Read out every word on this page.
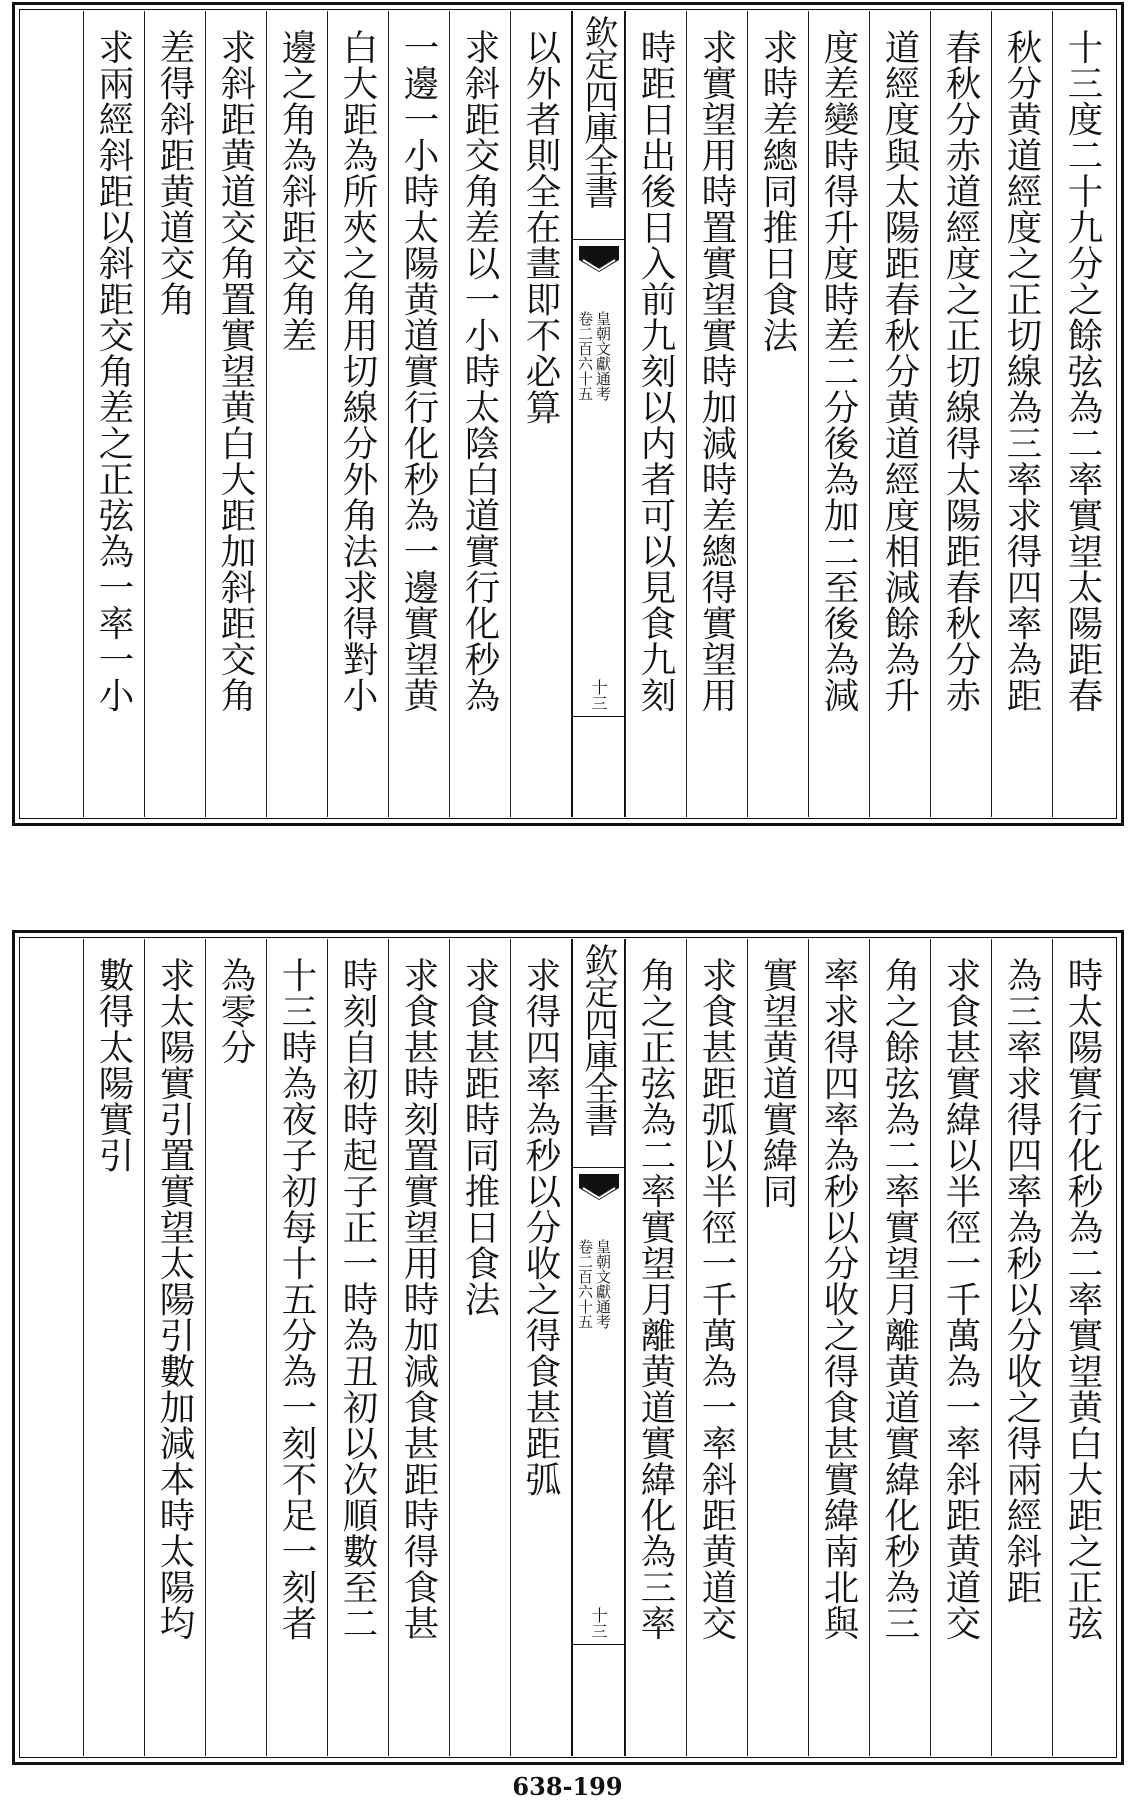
十三度二十九分之餘弦為二率實望太陽距春
秋分黄道經度之正切線為三率求得四率為距
春秋分赤道經度之正切線得太陽距春秋分赤
道經度與太陽距春秋分黄道經度相減餘為升
度差變時得升度時差二分後為加二至後為減
求時差總同推日食法
求實望用時置實望實時加減時差總得實望用
時距日出後日入前九刻以内者可以見食九刻
欽定四庫全書
皇朝文獻通考
卷二百六十五
十三
以外者則全在晝即不必算
求斜距交角差以一小時太陰白道實行化秒為
一邊一小時太陽黄道實行化秒為一邊實望黄
白大距為所夾之角用切線分外角法求得對小
邊之角為斜距交角差
求斜距黄道交角置實望黄白大距加斜距交角
差得斜距黄道交角
求兩經斜距以斜距交角差之正弦為一率一小
時太陽實行化秒為二率實望黄白大距之正弦
為三率求得四率為秒以分收之得兩經斜距
求食甚實緯以半徑一千萬為一率斜距黄道交
角之餘弦為二率實望月離黄道實緯化秒為三
率求得四率為秒以分收之得食甚實緯南北與
實望黄道實緯同
求食甚距弧以半徑一千萬為一率斜距黄道交
角之正弦為二率實望月離黄道實緯化為三率
欽定四庫全書
皇朝文獻通考
卷二百六十五
十三
求得四率為秒以分收之得食甚距弧
求食甚距時同推日食法
求食甚時刻置實望用時加減食甚距時得食甚
時刻自初時起子正一時為丑初以次順數至二
十三時為夜子初每十五分為一刻不足一刻者
為零分
求太陽實引置實望太陽引數加減本時太陽均
數得太陽實引
638-199
